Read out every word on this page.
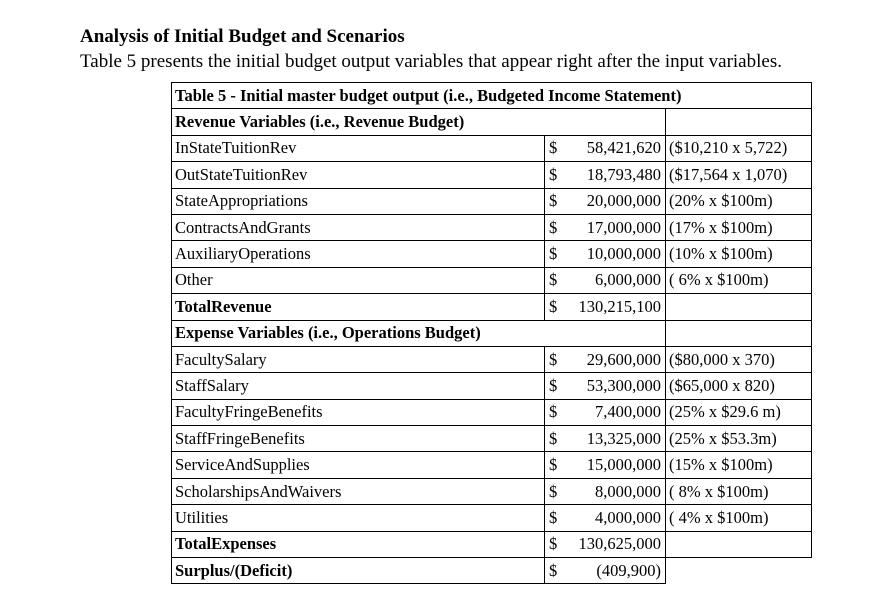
Analysis of Initial Budget and Scenarios

Table 5 presents the initial budget output variables that appear right after the input variables.

Table 5 - Initial master budget output (i.e., Budgeted Income Statement)		
Revenue Variables (i.e., Revenue Budget)		
InStateTuitionRev	$ 58,421,620	($10,210 x 5,722)
OutStateTuitionRev	$ 18,793,480	($17,564 x 1,070)
StateAppropriations	$ 20,000,000	(20% x $100m)
ContractsAndGrants	$ 17,000,000	(17% x $100m)
AuxiliaryOperations	$ 10,000,000	(10% x $100m)
Other	$ 6,000,000	( 6% x $100m)
TotalRevenue	$ 130,215,100	

Expense Variables (i.e., Operations Budget)		
FacultySalary	$ 29,600,000	($80,000 x 370)
StaffSalary	$ 53,300,000	($65,000 x 820)
FacultyFringeBenefits	$ 7,400,000	(25% x $29.6 m)
StaffFringeBenefits	$ 13,325,000	(25% x $53.3m)
ServiceAndSupplies	$ 15,000,000	(15% x $100m)
ScholarshipsAndWaivers	$ 8,000,000	( 8% x $100m)
Utilities	$ 4,000,000	( 4% x $100m)
TotalExpenses	$ 130,625,000	

Surplus/(Deficit)	$ (409,900)	
